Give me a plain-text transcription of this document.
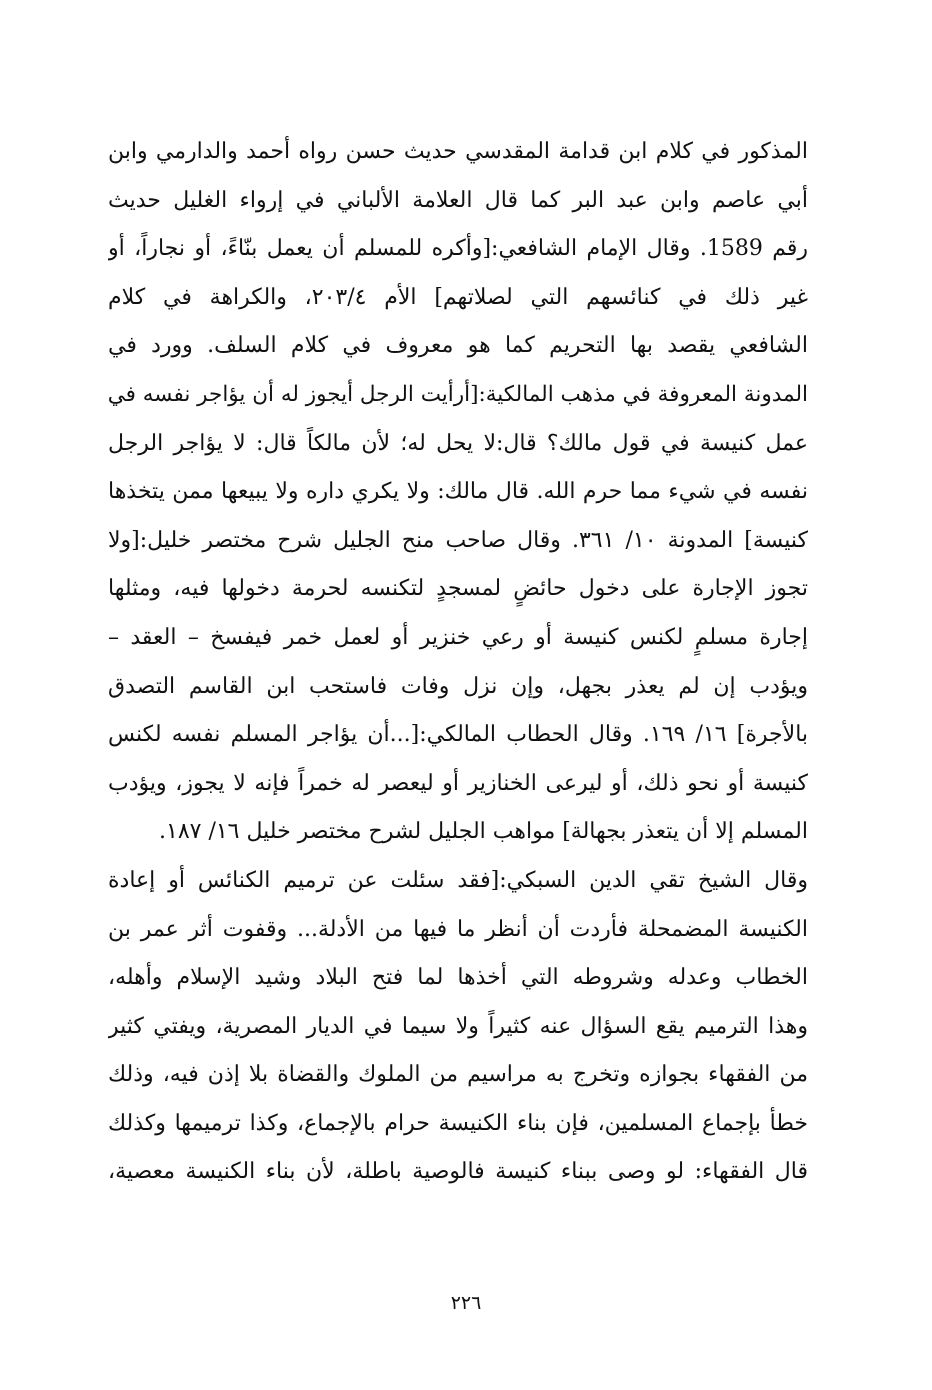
المذكور في كلام ابن قدامة المقدسي حديث حسن رواه أحمد والدارمي وابن
أبي عاصم وابن عبد البر كما قال العلامة الألباني في إرواء الغليل حديث
رقم 1589. وقال الإمام الشافعي:[وأكره للمسلم أن يعمل بنّاءً، أو نجاراً، أو
غير ذلك في كنائسهم التي لصلاتهم] الأم ٢٠٣/٤، والكراهة في كلام
الشافعي يقصد بها التحريم كما هو معروف في كلام السلف. وورد في
المدونة المعروفة في مذهب المالكية:[أرأيت الرجل أيجوز له أن يؤاجر نفسه في
عمل كنيسة في قول مالك؟ قال:لا يحل له؛ لأن مالكاً قال: لا يؤاجر الرجل
نفسه في شيء مما حرم الله. قال مالك: ولا يكري داره ولا يبيعها ممن يتخذها
كنيسة] المدونة ١٠/ ٣٦١. وقال صاحب منح الجليل شرح مختصر خليل:[ولا
تجوز الإجارة على دخول حائضٍ لمسجدٍ لتكنسه لحرمة دخولها فيه، ومثلها
إجارة مسلمٍ لكنس كنيسة أو رعي خنزير أو لعمل خمر فيفسخ – العقد –
ويؤدب إن لم يعذر بجهل، وإن نزل وفات فاستحب ابن القاسم التصدق
بالأجرة] ١٦/ ١٦٩. وقال الحطاب المالكي:[...أن يؤاجر المسلم نفسه لكنس
كنيسة أو نحو ذلك، أو ليرعى الخنازير أو ليعصر له خمراً فإنه لا يجوز، ويؤدب
المسلم إلا أن يتعذر بجهالة] مواهب الجليل لشرح مختصر خليل ١٦/ ١٨٧.
وقال الشيخ تقي الدين السبكي:[فقد سئلت عن ترميم الكنائس أو إعادة
الكنيسة المضمحلة فأردت أن أنظر ما فيها من الأدلة... وقفوت أثر عمر بن
الخطاب وعدله وشروطه التي أخذها لما فتح البلاد وشيد الإسلام وأهله،
وهذا الترميم يقع السؤال عنه كثيراً ولا سيما في الديار المصرية، ويفتي كثير
من الفقهاء بجوازه وتخرج به مراسيم من الملوك والقضاة بلا إذن فيه، وذلك
خطأ بإجماع المسلمين، فإن بناء الكنيسة حرام بالإجماع، وكذا ترميمها وكذلك
قال الفقهاء: لو وصى ببناء كنيسة فالوصية باطلة، لأن بناء الكنيسة معصية،
٢٢٦
